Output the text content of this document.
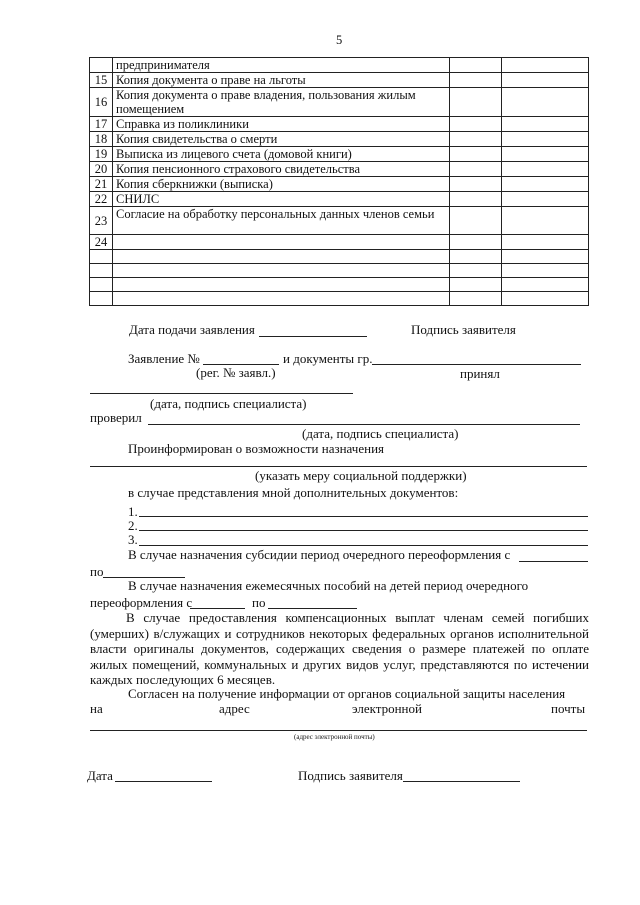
5
	предпринимателя		
15	Копия документа о праве на льготы		
16	Копия документа о праве владения, пользования жилым помещением		
17	Справка из поликлиники		
18	Копия свидетельства о смерти		
19	Выписка из лицевого счета (домовой книги)		
20	Копия пенсионного страхового свидетельства		
21	Копия сберкнижки (выписка)		
22	СНИЛС		
23	Согласие на обработку персональных данных членов семьи		
24			

Дата подачи заявления	Подпись заявителя
Заявление №	и документы гр.
(рег. № заявл.)	принял
(дата, подпись специалиста)
проверил
(дата, подпись специалиста)
Проинформирован о возможности назначения
(указать меру социальной поддержки)
в случае представления мной дополнительных документов:
1.
2.
3.
В случае назначения субсидии период очередного переоформления с
по
В случае назначения ежемесячных пособий на детей период очередного
переоформления с	по
В случае предоставления компенсационных выплат членам семей погибших (умерших) в/служащих и сотрудников некоторых федеральных органов исполнительной власти оригиналы документов, содержащих сведения о размере платежей по оплате жилых помещений, коммунальных и других видов услуг, представляются по истечении каждых последующих 6 месяцев.
Согласен на получение информации от органов социальной защиты населения
на	адрес	электронной	почты
(адрес электронной почты)
Дата	Подпись заявителя
